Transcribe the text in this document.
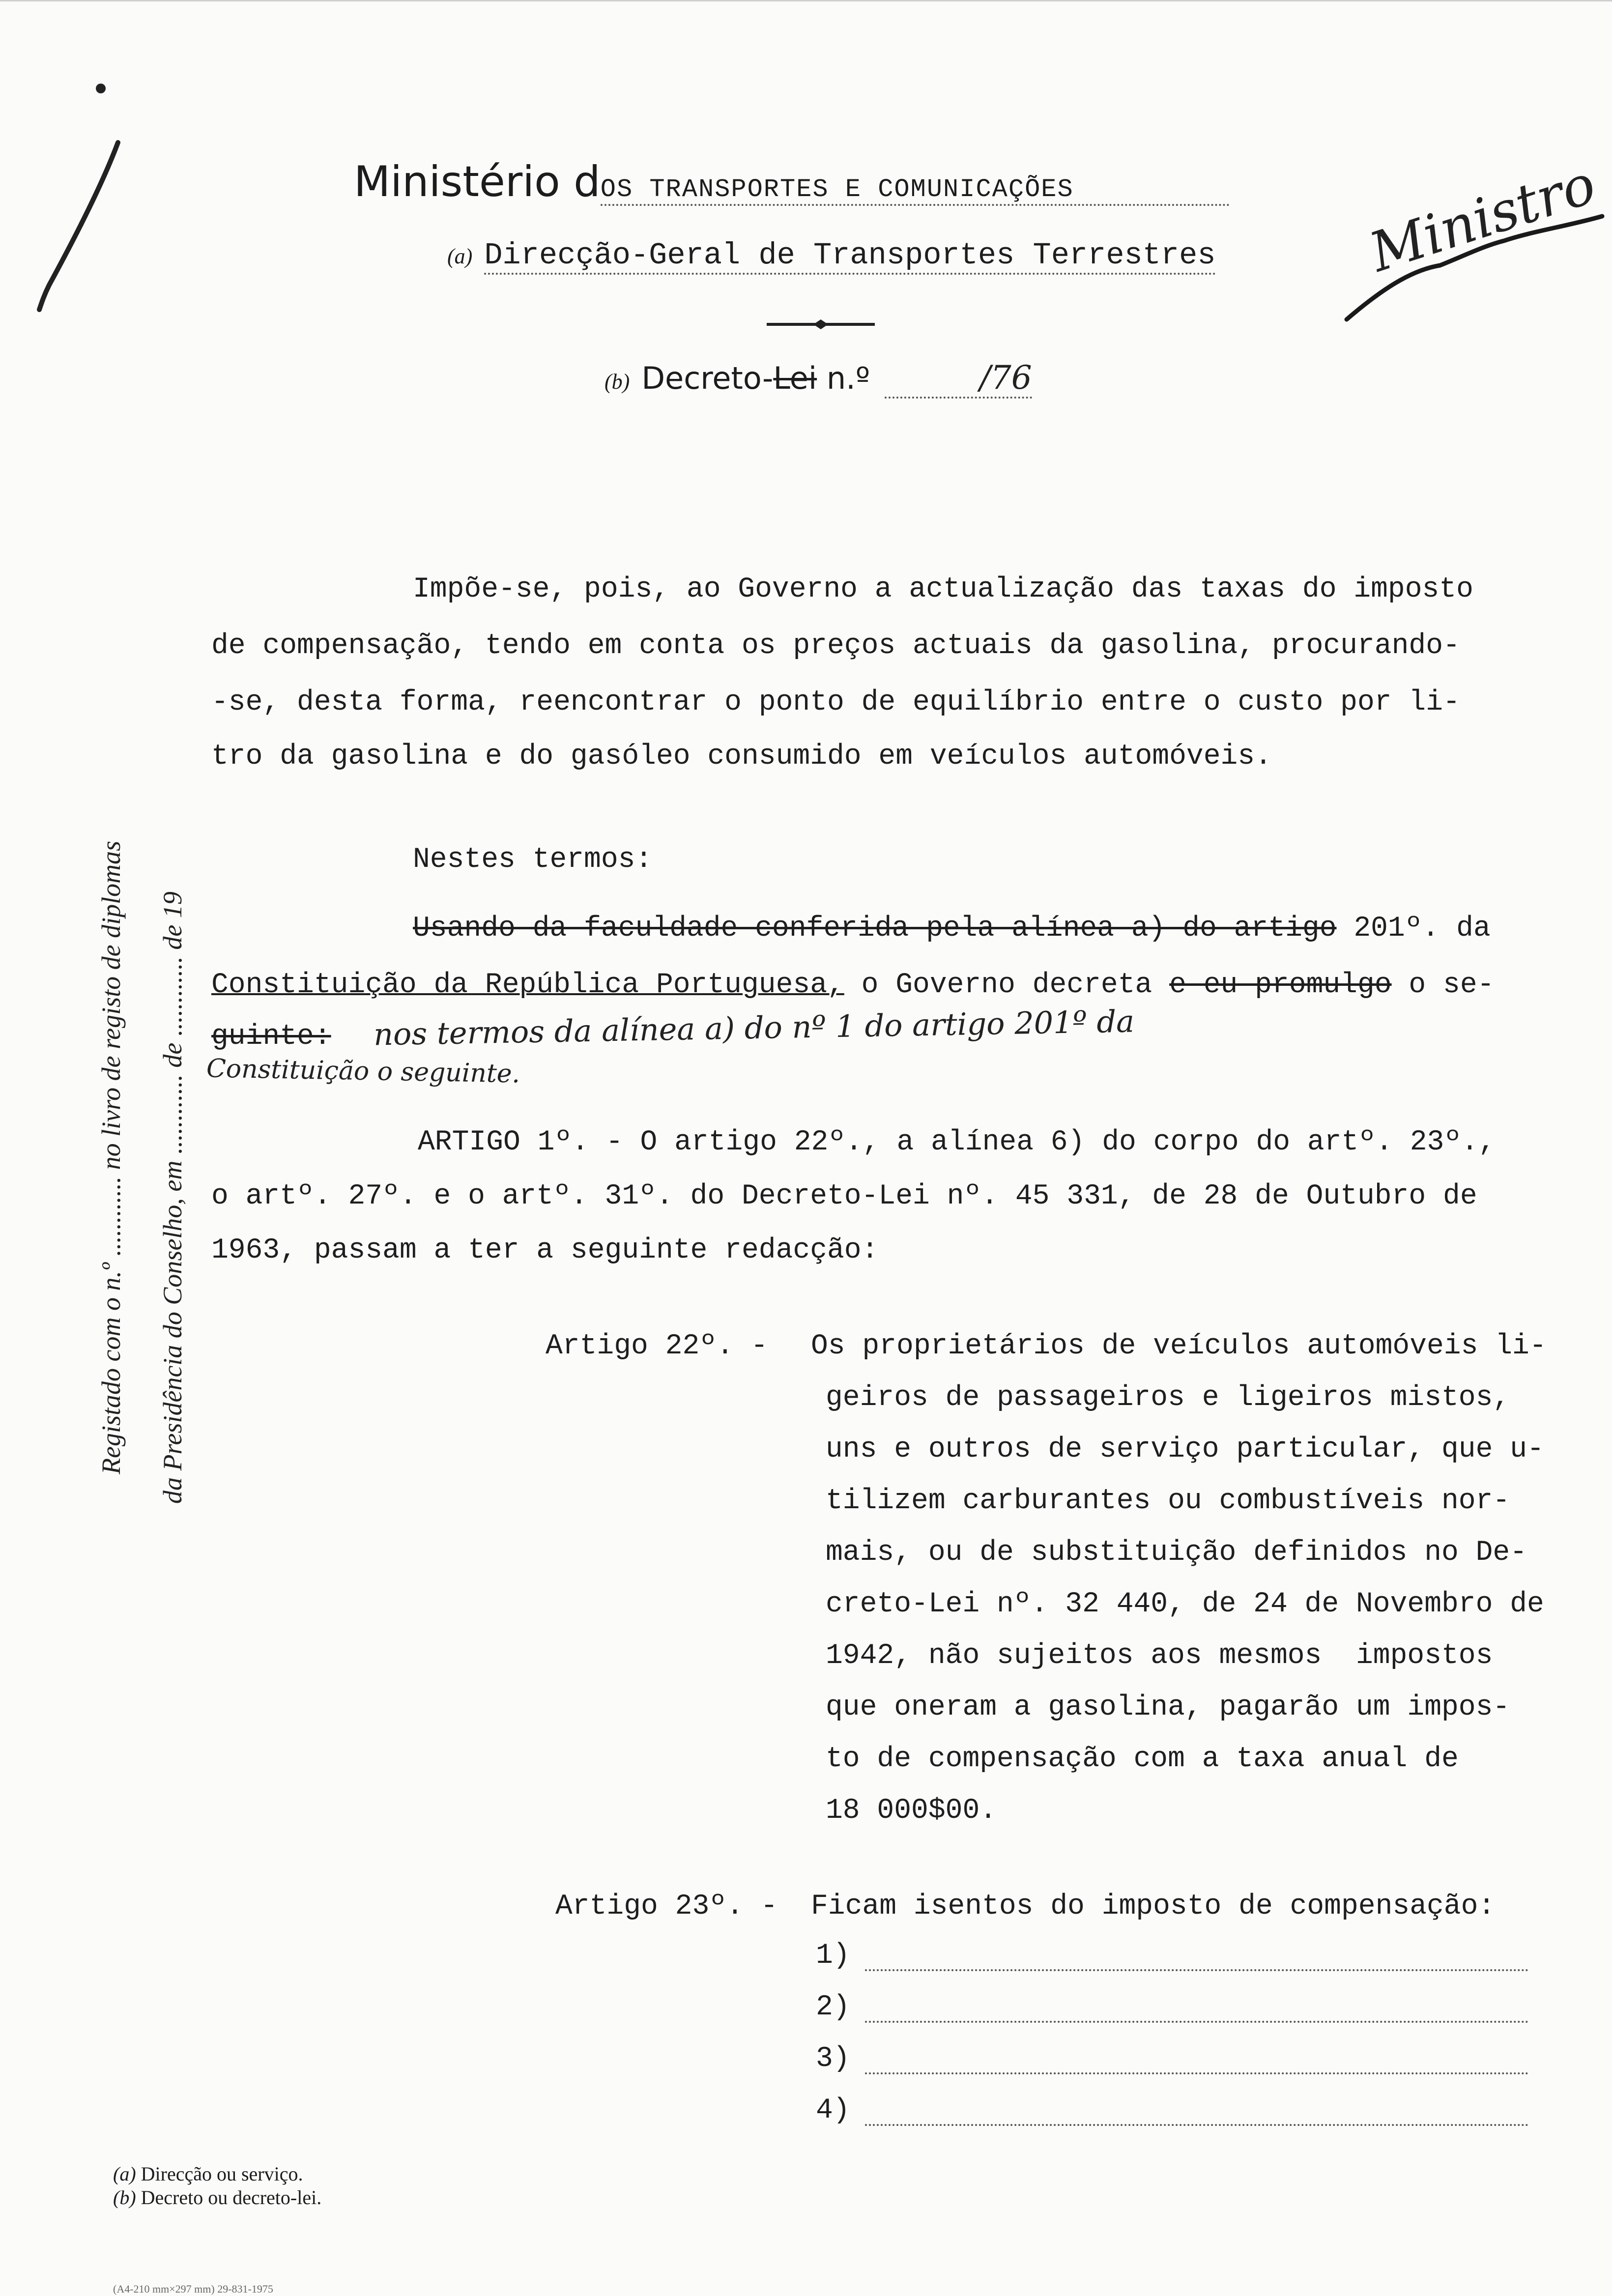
Ministério dOS TRANSPORTES E COMUNICAÇÕES
(a) Direcção-Geral de Transportes Terrestres
(b) Decreto-Lei n.º	/76
Ministro
Registado com o n.º ............ no livro de registo de diplomas da Presidência do Conselho, em ............ de ............ de 19
Impõe-se, pois, ao Governo a actualização das taxas do imposto
de compensação, tendo em conta os preços actuais da gasolina, procurando-
-se, desta forma, reencontrar o ponto de equilíbrio entre o custo por li-
tro da gasolina e do gasóleo consumido em veículos automóveis.
Nestes termos:
Usando da faculdade conferida pela alínea a) do artigo 201º. da
Constituição da República Portuguesa, o Governo decreta e eu promulgo o se-
guinte: nos termos da alínea a) do nº 1 do artigo 201º da
Constituição o seguinte.
ARTIGO 1º. - O artigo 22º., a alínea 6) do corpo do artº. 23º.,
o artº. 27º. e o artº. 31º. do Decreto-Lei nº. 45 331, de 28 de Outubro de
1963, passam a ter a seguinte redacção:
Artigo 22º. - Os proprietários de veículos automóveis li-
geiros de passageiros e ligeiros mistos,
uns e outros de serviço particular, que u-
tilizem carburantes ou combustíveis nor-
mais, ou de substituição definidos no De-
creto-Lei nº. 32 440, de 24 de Novembro de
1942, não sujeitos aos mesmos  impostos
que oneram a gasolina, pagarão um impos-
to de compensação com a taxa anual de
18 000$00.
Artigo 23º. - Ficam isentos do imposto de compensação:
1)
2)
3)
4)
(a) Direcção ou serviço.
(b) Decreto ou decreto-lei.
(A4-210 mm×297 mm) 29-831-1975
